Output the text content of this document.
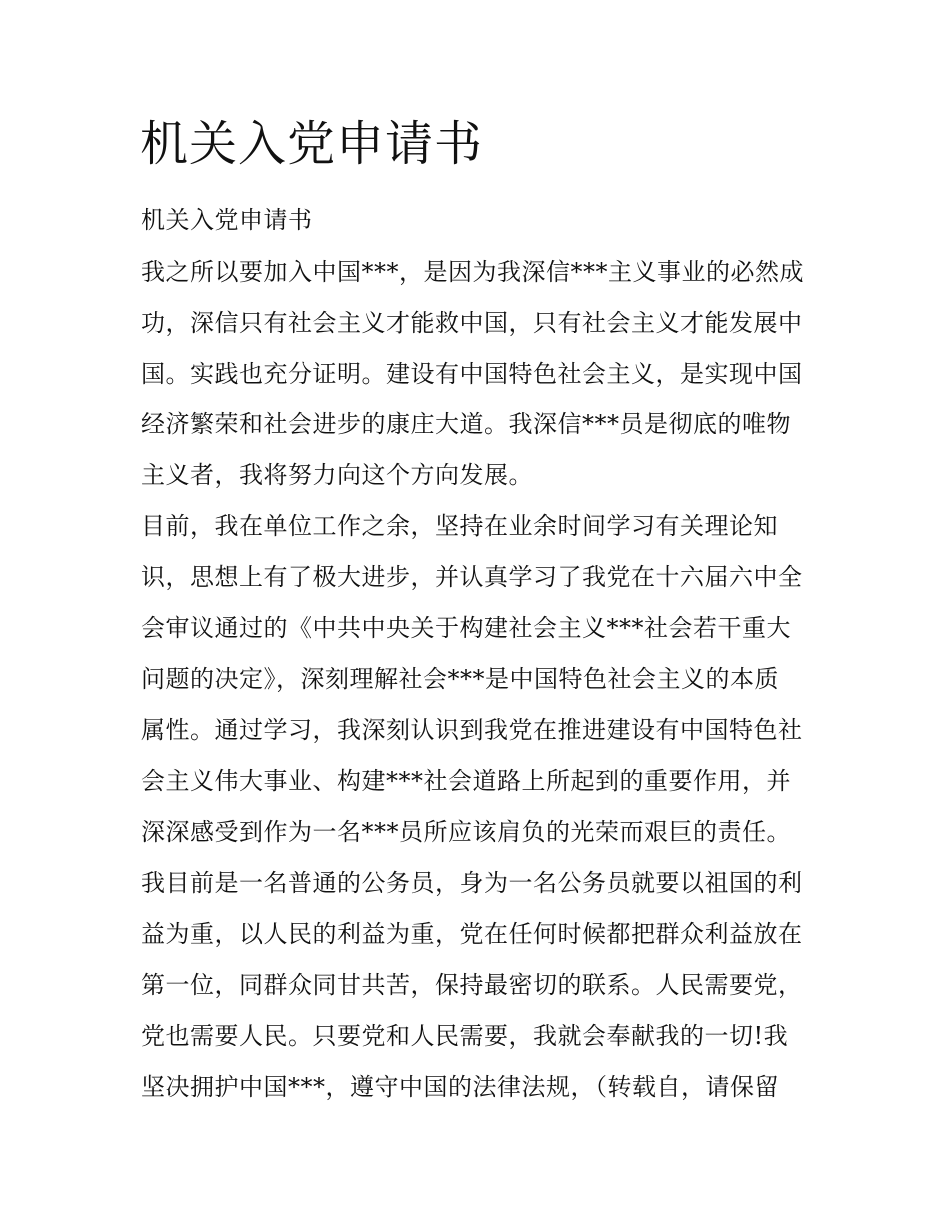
机关入党申请书
机关入党申请书
我之所以要加入中国***，是因为我深信***主义事业的必然成
功，深信只有社会主义才能救中国，只有社会主义才能发展中
国。实践也充分证明。建设有中国特色社会主义，是实现中国
经济繁荣和社会进步的康庄大道。我深信***员是彻底的唯物
主义者，我将努力向这个方向发展。
目前，我在单位工作之余，坚持在业余时间学习有关理论知
识，思想上有了极大进步，并认真学习了我党在十六届六中全
会审议通过的《中共中央关于构建社会主义***社会若干重大
问题的决定》，深刻理解社会***是中国特色社会主义的本质
属性。通过学习，我深刻认识到我党在推进建设有中国特色社
会主义伟大事业、构建***社会道路上所起到的重要作用，并
深深感受到作为一名***员所应该肩负的光荣而艰巨的责任。
我目前是一名普通的公务员，身为一名公务员就要以祖国的利
益为重，以人民的利益为重，党在任何时候都把群众利益放在
第一位，同群众同甘共苦，保持最密切的联系。人民需要党，
党也需要人民。只要党和人民需要，我就会奉献我的一切!我
坚决拥护中国***，遵守中国的法律法规，（转载自，请保留
